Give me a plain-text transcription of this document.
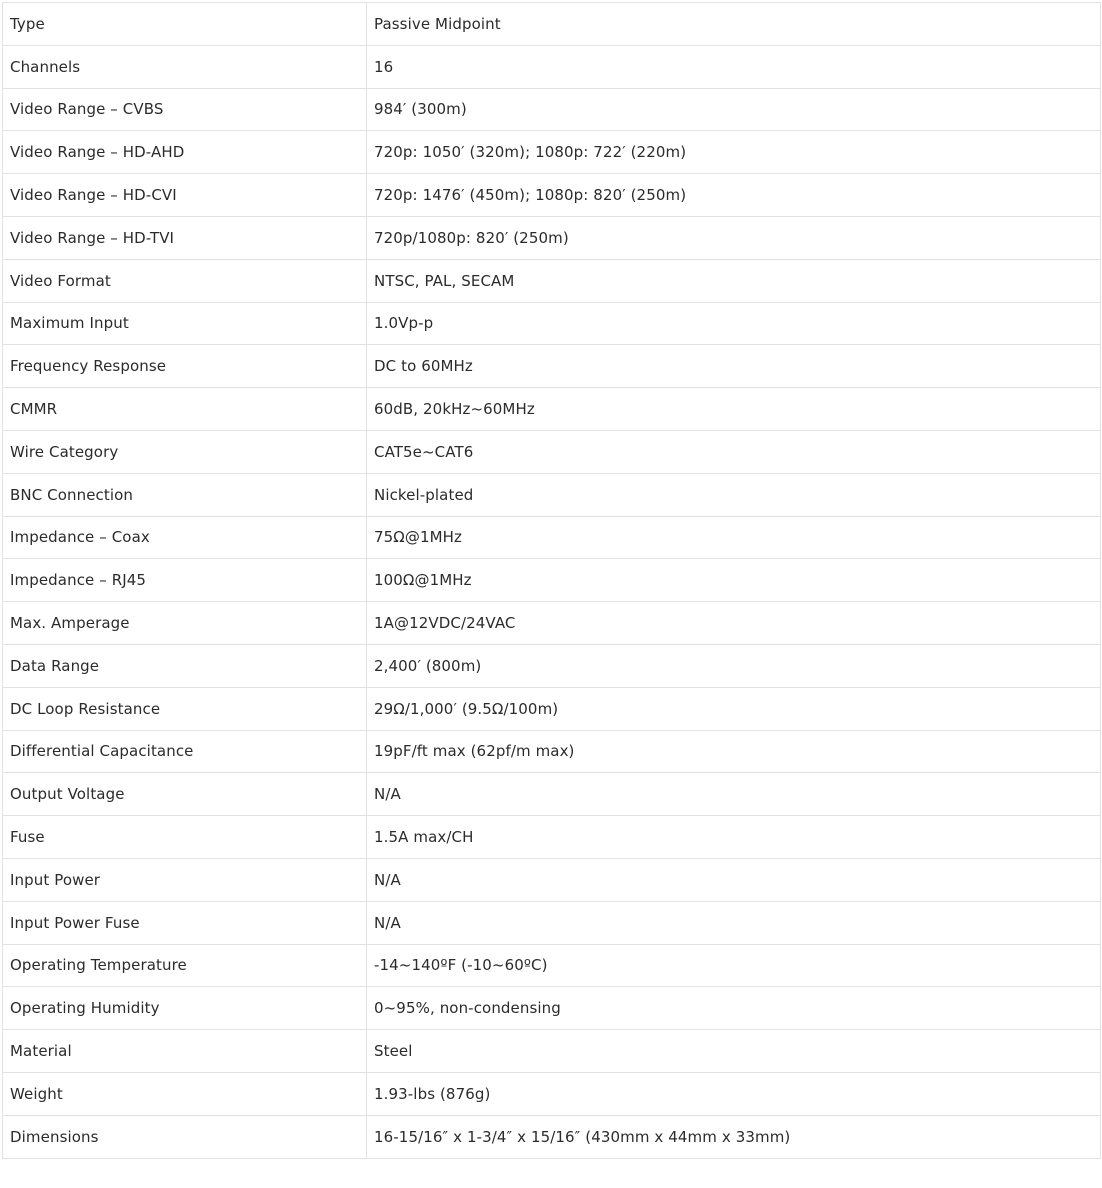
Type	Passive Midpoint
Channels	16
Video Range – CVBS	984′ (300m)
Video Range – HD-AHD	720p: 1050′ (320m); 1080p: 722′ (220m)
Video Range – HD-CVI	720p: 1476′ (450m); 1080p: 820′ (250m)
Video Range – HD-TVI	720p/1080p: 820′ (250m)
Video Format	NTSC, PAL, SECAM
Maximum Input	1.0Vp-p
Frequency Response	DC to 60MHz
CMMR	60dB, 20kHz~60MHz
Wire Category	CAT5e~CAT6
BNC Connection	Nickel-plated
Impedance – Coax	75Ω@1MHz
Impedance – RJ45	100Ω@1MHz
Max. Amperage	1A@12VDC/24VAC
Data Range	2,400′ (800m)
DC Loop Resistance	29Ω/1,000′ (9.5Ω/100m)
Differential Capacitance	19pF/ft max (62pf/m max)
Output Voltage	N/A
Fuse	1.5A max/CH
Input Power	N/A
Input Power Fuse	N/A
Operating Temperature	-14~140ºF (-10~60ºC)
Operating Humidity	0~95%, non-condensing
Material	Steel
Weight	1.93-lbs (876g)
Dimensions	16-15/16″ x 1-3/4″ x 15/16″ (430mm x 44mm x 33mm)
